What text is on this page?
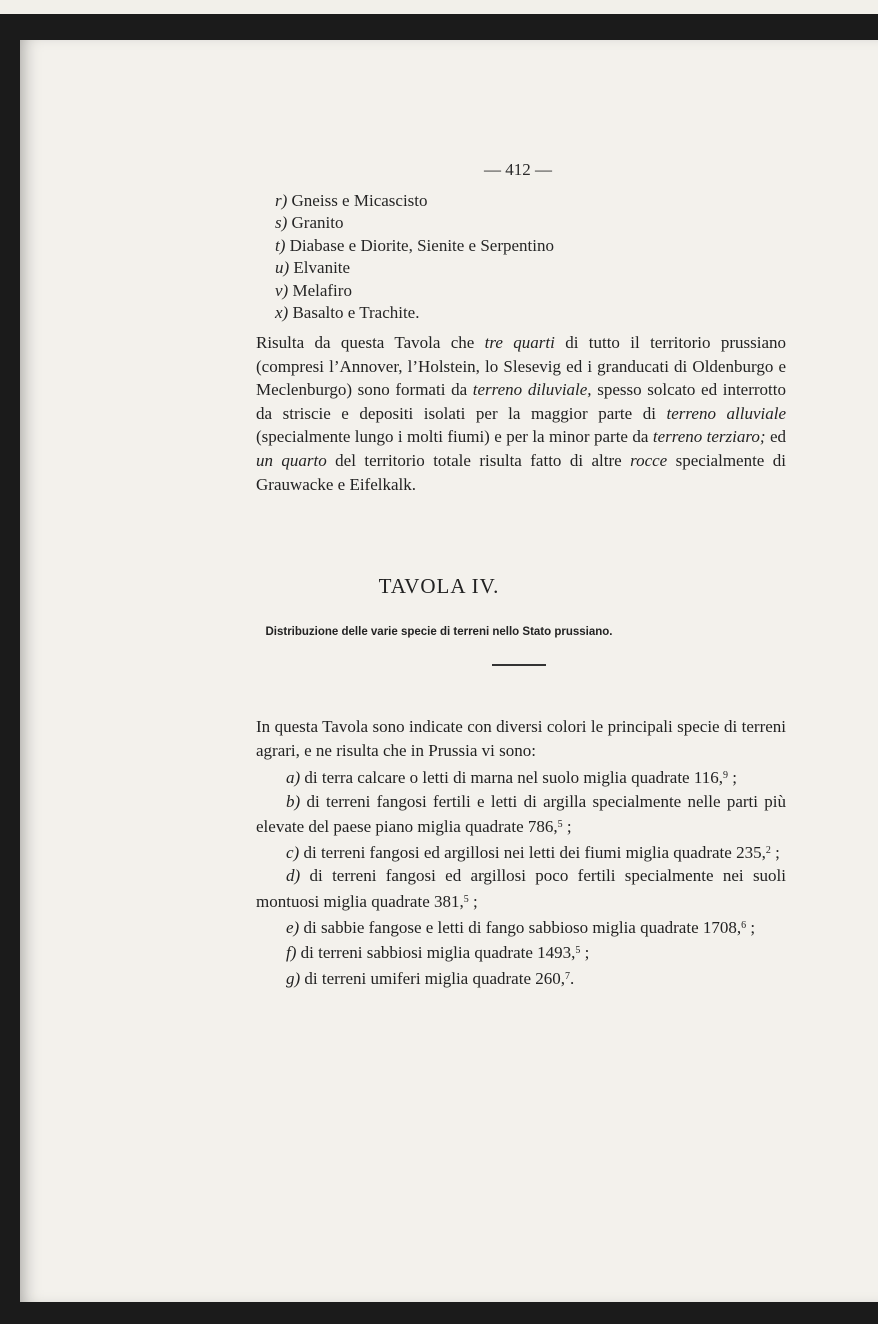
— 412 —
r) Gneiss e Micascisto
s) Granito
t) Diabase e Diorite, Sienite e Serpentino
u) Elvanite
v) Melafiro
x) Basalto e Trachite.

Risulta da questa Tavola che tre quarti di tutto il territorio prussiano (compresi l’Annover, l’Holstein, lo Slesevig ed i granducati di Oldenburgo e Meclenburgo) sono formati da terreno diluviale, spesso solcato ed interrotto da striscie e depositi isolati per la maggior parte di terreno alluviale (specialmente lungo i molti fiumi) e per la minor parte da terreno terziaro; ed un quarto del territorio totale risulta fatto di altre rocce specialmente di Grauwacke e Eifelkalk.

TAVOLA IV.

Distribuzione delle varie specie di terreni nello Stato prussiano.

In questa Tavola sono indicate con diversi colori le principali specie di terreni agrari, e ne risulta che in Prussia vi sono:

a) di terra calcare o letti di marna nel suolo miglia quadrate 116,$^9$ ;
b) di terreni fangosi fertili e letti di argilla specialmente nelle parti più elevate del paese piano miglia quadrate 786,$^5$ ;
c) di terreni fangosi ed argillosi nei letti dei fiumi miglia quadrate 235,$^2$ ;
d) di terreni fangosi ed argillosi poco fertili specialmente nei suoli montuosi miglia quadrate 381,$^5$ ;
e) di sabbie fangose e letti di fango sabbioso miglia quadrate 1708,$^6$ ;
f) di terreni sabbiosi miglia quadrate 1493,$^5$ ;
g) di terreni umiferi miglia quadrate 260,$^7$.
